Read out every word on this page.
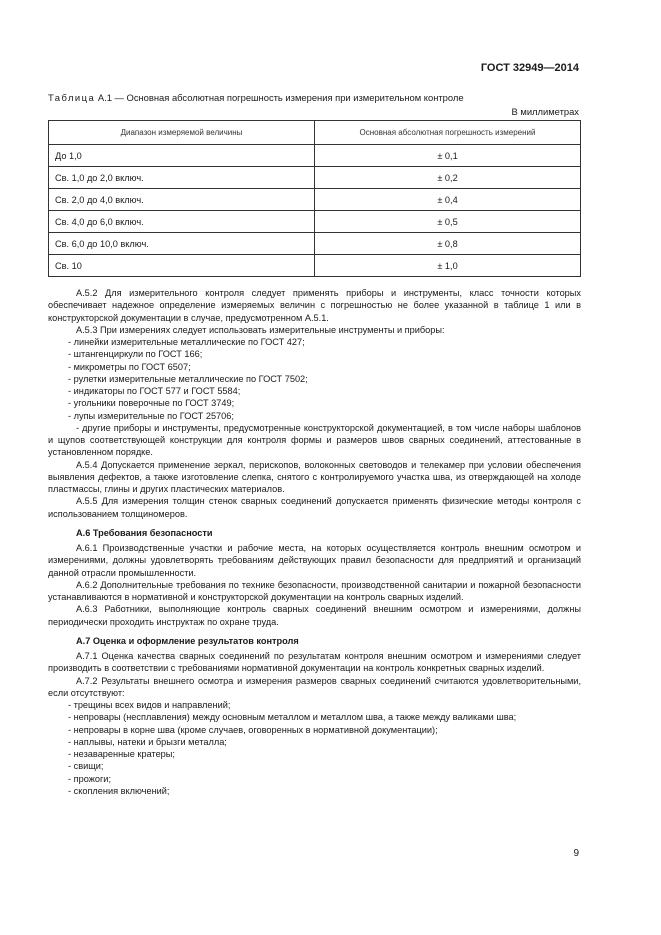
ГОСТ 32949—2014
Таблица А.1 — Основная абсолютная погрешность измерения при измерительном контроле
В миллиметрах
Диапазон измеряемой величины	Основная абсолютная погрешность измерений
До 1,0	± 0,1
Св. 1,0 до 2,0 включ.	± 0,2
Св. 2,0 до 4,0 включ.	± 0,4
Св. 4,0 до 6,0 включ.	± 0,5
Св. 6,0 до 10,0 включ.	± 0,8
Св. 10	± 1,0

А.5.2 Для измерительного контроля следует применять приборы и инструменты, класс точности которых обеспечивает надежное определение измеряемых величин с погрешностью не более указанной в таблице 1 или в конструкторской документации в случае, предусмотренном А.5.1.

А.5.3 При измерениях следует использовать измерительные инструменты и приборы:

- линейки измерительные металлические по ГОСТ 427;

- штангенциркули по ГОСТ 166;

- микрометры по ГОСТ 6507;

- рулетки измерительные металлические по ГОСТ 7502;

- индикаторы по ГОСТ 577 и ГОСТ 5584;

- угольники поверочные по ГОСТ 3749;

- лупы измерительные по ГОСТ 25706;

- другие приборы и инструменты, предусмотренные конструкторской документацией, в том числе наборы шаблонов и щупов соответствующей конструкции для контроля формы и размеров швов сварных соединений, аттестованные в установленном порядке.

А.5.4 Допускается применение зеркал, перископов, волоконных световодов и телекамер при условии обеспечения выявления дефектов, а также изготовление слепка, снятого с контролируемого участка шва, из отверждающей на холоде пластмассы, глины и других пластических материалов.

А.5.5 Для измерения толщин стенок сварных соединений допускается применять физические методы контроля с использованием толщиномеров.

А.6 Требования безопасности

А.6.1 Производственные участки и рабочие места, на которых осуществляется контроль внешним осмотром и измерениями, должны удовлетворять требованиям действующих правил безопасности для предприятий и организаций данной отрасли промышленности.

А.6.2 Дополнительные требования по технике безопасности, производственной санитарии и пожарной безопасности устанавливаются в нормативной и конструкторской документации на контроль сварных изделий.

А.6.3 Работники, выполняющие контроль сварных соединений внешним осмотром и измерениями, должны периодически проходить инструктаж по охране труда.

А.7 Оценка и оформление результатов контроля

А.7.1 Оценка качества сварных соединений по результатам контроля внешним осмотром и измерениями следует производить в соответствии с требованиями нормативной документации на контроль конкретных сварных изделий.

А.7.2 Результаты внешнего осмотра и измерения размеров сварных соединений считаются удовлетворительными, если отсутствуют:

- трещины всех видов и направлений;

- непровары (несплавления) между основным металлом и металлом шва, а также между валиками шва;

- непровары в корне шва (кроме случаев, оговоренных в нормативной документации);

- наплывы, натеки и брызги металла;

- незаваренные кратеры;

- свищи;

- прожоги;

- скопления включений;

9
